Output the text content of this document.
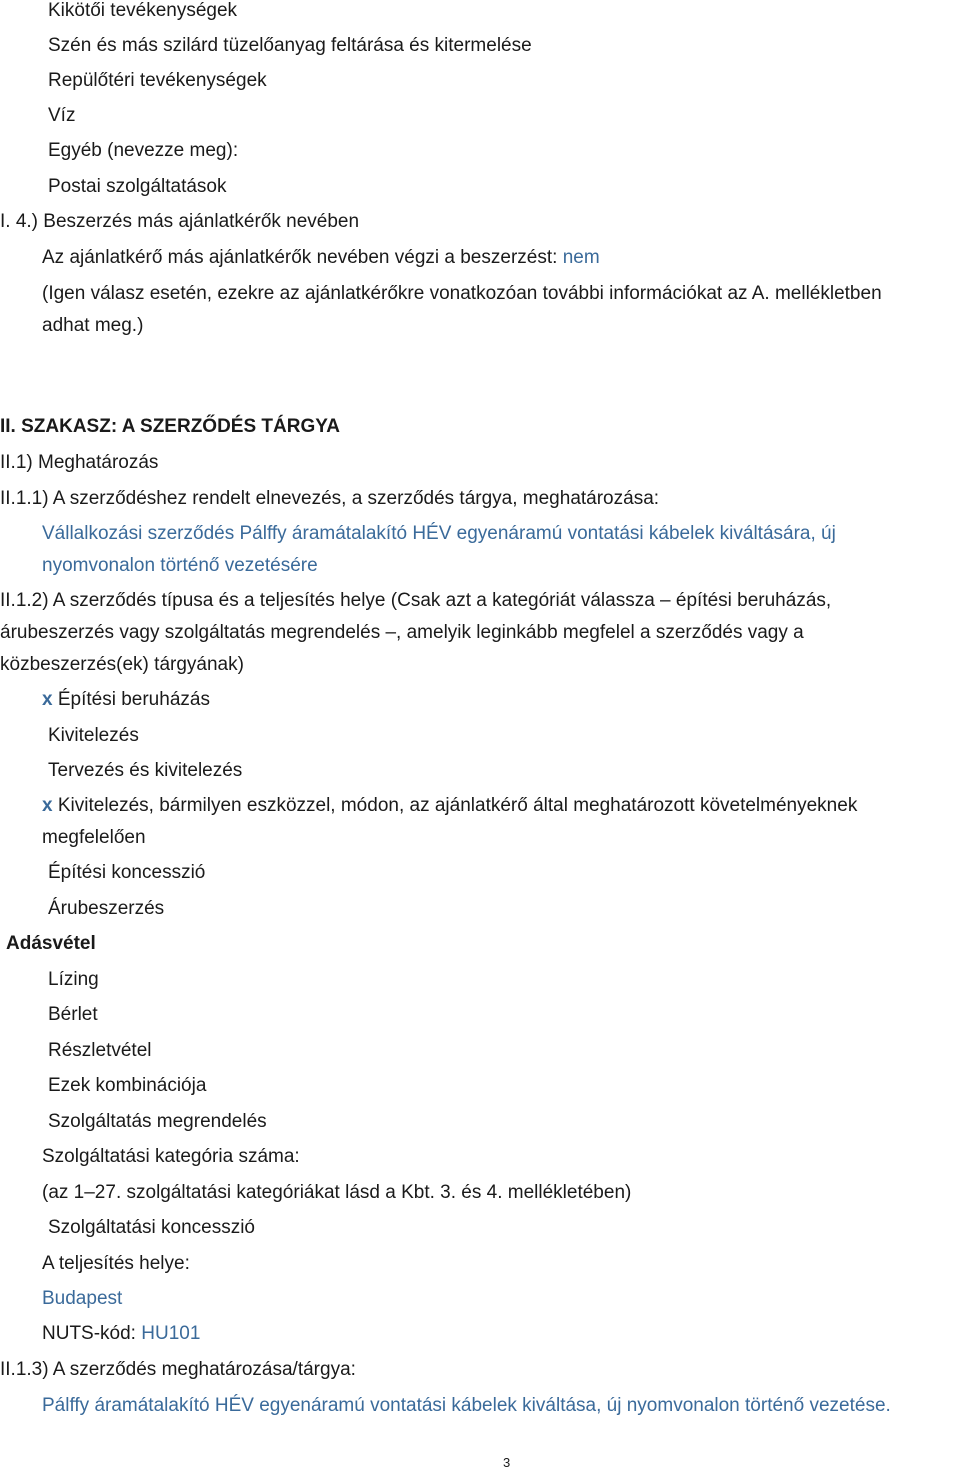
Kikötői tevékenységek
Szén és más szilárd tüzelőanyag feltárása és kitermelése
Repülőtéri tevékenységek
Víz
Egyéb (nevezze meg):
Postai szolgáltatások
I. 4.) Beszerzés más ajánlatkérők nevében
Az ajánlatkérő más ajánlatkérők nevében végzi a beszerzést: nem
(Igen válasz esetén, ezekre az ajánlatkérőkre vonatkozóan további információkat az A. mellékletben
adhat meg.)
II. SZAKASZ: A SZERZŐDÉS TÁRGYA
II.1) Meghatározás
II.1.1) A szerződéshez rendelt elnevezés, a szerződés tárgya, meghatározása:
Vállalkozási szerződés Pálffy áramátalakító HÉV egyenáramú vontatási kábelek kiváltására, új
nyomvonalon történő vezetésére
II.1.2) A szerződés típusa és a teljesítés helye (Csak azt a kategóriát válassza – építési beruházás,
árubeszerzés vagy szolgáltatás megrendelés –, amelyik leginkább megfelel a szerződés vagy a
közbeszerzés(ek) tárgyának)
x Építési beruházás
Kivitelezés
Tervezés és kivitelezés
x Kivitelezés, bármilyen eszközzel, módon, az ajánlatkérő által meghatározott követelményeknek
megfelelően
Építési koncesszió
Árubeszerzés
Adásvétel
Lízing
Bérlet
Részletvétel
Ezek kombinációja
Szolgáltatás megrendelés
Szolgáltatási kategória száma:
(az 1–27. szolgáltatási kategóriákat lásd a Kbt. 3. és 4. mellékletében)
Szolgáltatási koncesszió
A teljesítés helye:
Budapest
NUTS-kód: HU101
II.1.3) A szerződés meghatározása/tárgya:
Pálffy áramátalakító HÉV egyenáramú vontatási kábelek kiváltása, új nyomvonalon történő vezetése.
3
